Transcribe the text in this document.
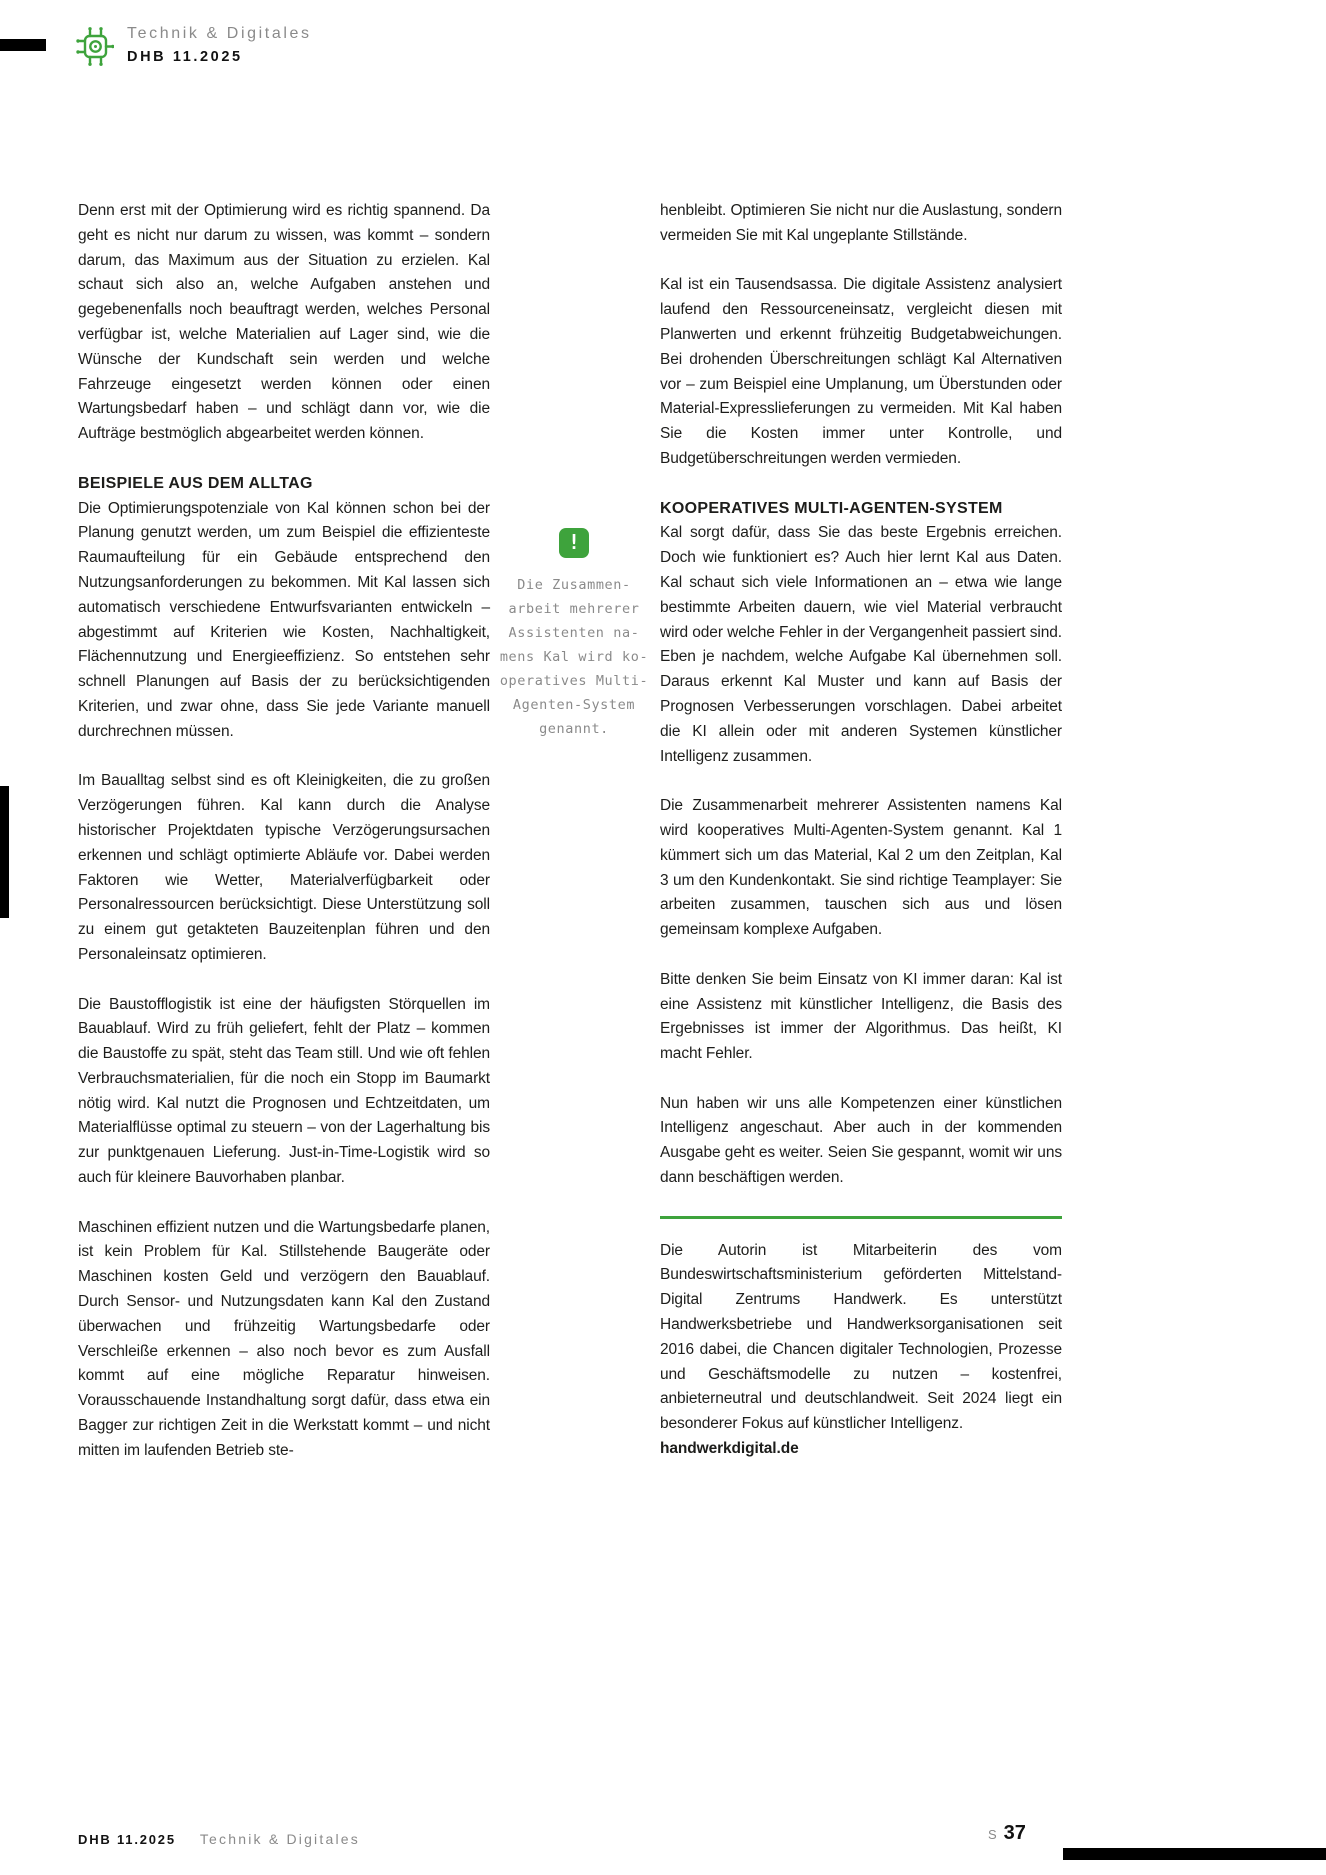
Technik & Digitales
DHB 11.2025

Denn erst mit der Optimierung wird es richtig spannend. Da geht es nicht nur darum zu wissen, was kommt – sondern darum, das Maximum aus der Situation zu erzielen. Kal schaut sich also an, welche Aufgaben anstehen und gegebenenfalls noch beauftragt werden, welches Personal verfügbar ist, welche Materialien auf Lager sind, wie die Wünsche der Kundschaft sein werden und welche Fahrzeuge eingesetzt werden können oder einen Wartungsbedarf haben – und schlägt dann vor, wie die Aufträge bestmöglich abgearbeitet werden können.

BEISPIELE AUS DEM ALLTAG

Die Optimierungspotenziale von Kal können schon bei der Planung genutzt werden, um zum Beispiel die effizienteste Raumaufteilung für ein Gebäude entsprechend den Nutzungsanforderungen zu bekommen. Mit Kal lassen sich automatisch verschiedene Entwurfsvarianten entwickeln – abgestimmt auf Kriterien wie Kosten, Nachhaltigkeit, Flächennutzung und Energieeffizienz. So entstehen sehr schnell Planungen auf Basis der zu berücksichtigenden Kriterien, und zwar ohne, dass Sie jede Variante manuell durchrechnen müssen.

Im Baualltag selbst sind es oft Kleinigkeiten, die zu großen Verzögerungen führen. Kal kann durch die Analyse historischer Projektdaten typische Verzögerungsursachen erkennen und schlägt optimierte Abläufe vor. Dabei werden Faktoren wie Wetter, Materialverfügbarkeit oder Personalressourcen berücksichtigt. Diese Unterstützung soll zu einem gut getakteten Bauzeitenplan führen und den Personaleinsatz optimieren.

Die Baustofflogistik ist eine der häufigsten Störquellen im Bauablauf. Wird zu früh geliefert, fehlt der Platz – kommen die Baustoffe zu spät, steht das Team still. Und wie oft fehlen Verbrauchsmaterialien, für die noch ein Stopp im Baumarkt nötig wird. Kal nutzt die Prognosen und Echtzeitdaten, um Materialflüsse optimal zu steuern – von der Lagerhaltung bis zur punktgenauen Lieferung. Just-in-Time-Logistik wird so auch für kleinere Bauvorhaben planbar.

Maschinen effizient nutzen und die Wartungsbedarfe planen, ist kein Problem für Kal. Stillstehende Baugeräte oder Maschinen kosten Geld und verzögern den Bauablauf. Durch Sensor- und Nutzungsdaten kann Kal den Zustand überwachen und frühzeitig Wartungsbedarfe oder Verschleiße erkennen – also noch bevor es zum Ausfall kommt auf eine mögliche Reparatur hinweisen. Vorausschauende Instandhaltung sorgt dafür, dass etwa ein Bagger zur richtigen Zeit in die Werkstatt kommt – und nicht mitten im laufenden Betrieb ste-

!
Die Zusammen-
arbeit mehrerer
Assistenten na-
mens Kal wird ko-
operatives Multi-
Agenten-System
genannt.

henbleibt. Optimieren Sie nicht nur die Auslastung, sondern vermeiden Sie mit Kal ungeplante Stillstände.

Kal ist ein Tausendsassa. Die digitale Assistenz analysiert laufend den Ressourceneinsatz, vergleicht diesen mit Planwerten und erkennt frühzeitig Budgetabweichungen. Bei drohenden Überschreitungen schlägt Kal Alternativen vor – zum Beispiel eine Umplanung, um Überstunden oder Material-Expresslieferungen zu vermeiden. Mit Kal haben Sie die Kosten immer unter Kontrolle, und Budgetüberschreitungen werden vermieden.

KOOPERATIVES MULTI-AGENTEN-SYSTEM

Kal sorgt dafür, dass Sie das beste Ergebnis erreichen. Doch wie funktioniert es? Auch hier lernt Kal aus Daten. Kal schaut sich viele Informationen an – etwa wie lange bestimmte Arbeiten dauern, wie viel Material verbraucht wird oder welche Fehler in der Vergangenheit passiert sind. Eben je nachdem, welche Aufgabe Kal übernehmen soll. Daraus erkennt Kal Muster und kann auf Basis der Prognosen Verbesserungen vorschlagen. Dabei arbeitet die KI allein oder mit anderen Systemen künstlicher Intelligenz zusammen.

Die Zusammenarbeit mehrerer Assistenten namens Kal wird kooperatives Multi-Agenten-System genannt. Kal 1 kümmert sich um das Material, Kal 2 um den Zeitplan, Kal 3 um den Kundenkontakt. Sie sind richtige Teamplayer: Sie arbeiten zusammen, tauschen sich aus und lösen gemeinsam komplexe Aufgaben.

Bitte denken Sie beim Einsatz von KI immer daran: Kal ist eine Assistenz mit künstlicher Intelligenz, die Basis des Ergebnisses ist immer der Algorithmus. Das heißt, KI macht Fehler.

Nun haben wir uns alle Kompetenzen einer künstlichen Intelligenz angeschaut. Aber auch in der kommenden Ausgabe geht es weiter. Seien Sie gespannt, womit wir uns dann beschäftigen werden.

Die Autorin ist Mitarbeiterin des vom Bundeswirtschaftsministerium geförderten Mittelstand-Digital Zentrums Handwerk. Es unterstützt Handwerksbetriebe und Handwerksorganisationen seit 2016 dabei, die Chancen digitaler Technologien, Prozesse und Geschäftsmodelle zu nutzen – kostenfrei, anbieterneutral und deutschlandweit. Seit 2024 liegt ein besonderer Fokus auf künstlicher Intelligenz.

handwerkdigital.de
DHB 11.2025 Technik & Digitales	S 37
